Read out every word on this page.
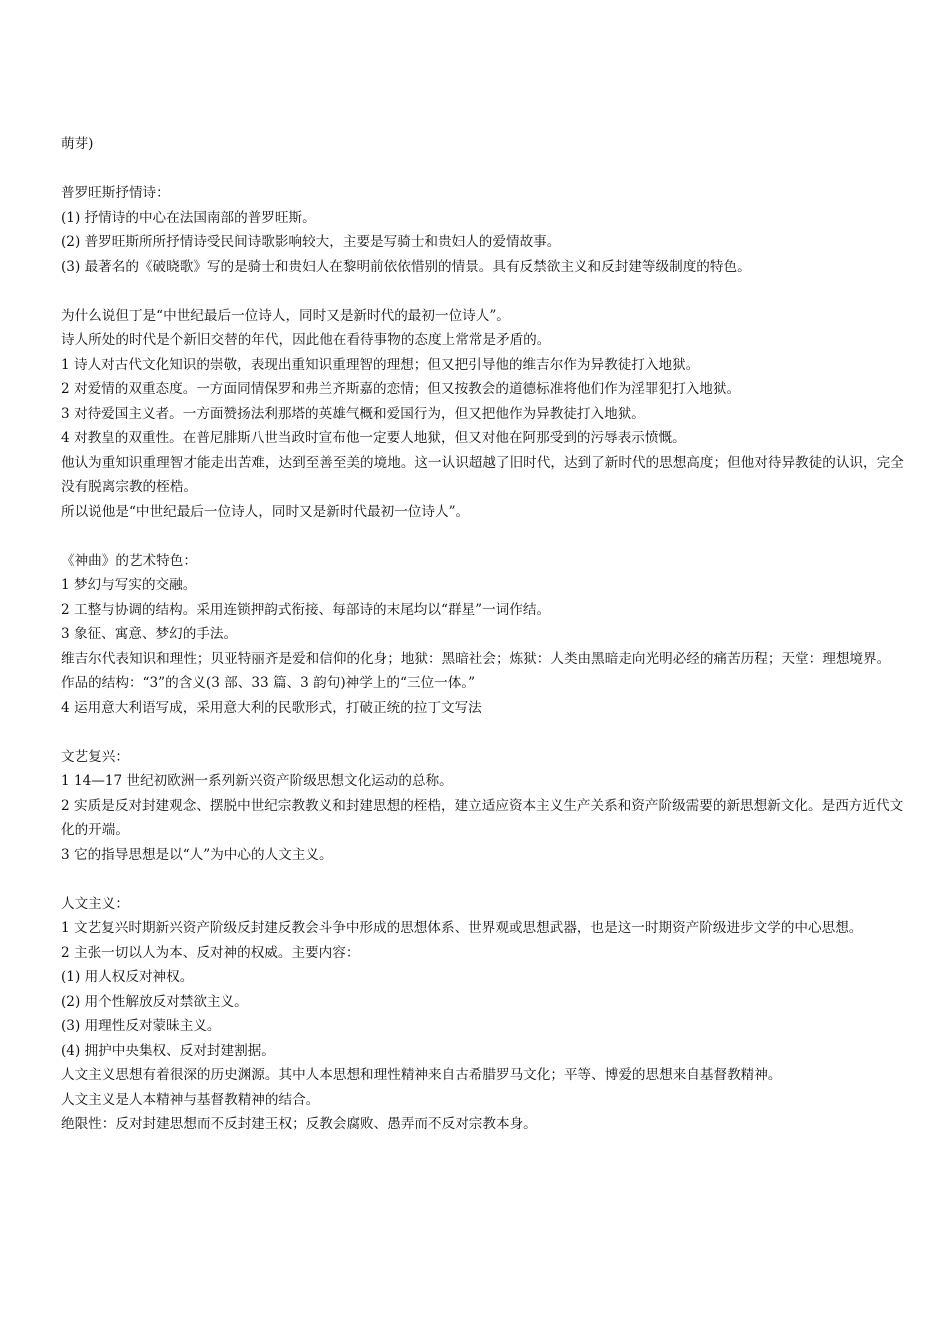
萌芽)
普罗旺斯抒情诗：
(1) 抒情诗的中心在法国南部的普罗旺斯。
(2) 普罗旺斯所所抒情诗受民间诗歌影响较大，主要是写骑士和贵妇人的爱情故事。
(3) 最著名的《破晓歌》写的是骑士和贵妇人在黎明前依依惜别的情景。具有反禁欲主义和反封建等级制度的特色。
为什么说但丁是“中世纪最后一位诗人，同时又是新时代的最初一位诗人”。
诗人所处的时代是个新旧交替的年代，因此他在看待事物的态度上常常是矛盾的。
1 诗人对古代文化知识的崇敬，表现出重知识重理智的理想；但又把引导他的维吉尔作为异教徒打入地狱。
2 对爱情的双重态度。一方面同情保罗和弗兰齐斯嘉的恋情；但又按教会的道德标准将他们作为淫罪犯打入地狱。
3 对待爱国主义者。一方面赞扬法利那塔的英雄气概和爱国行为，但又把他作为异教徒打入地狱。
4 对教皇的双重性。在普尼腓斯八世当政时宣布他一定要人地狱，但又对他在阿那受到的污辱表示愤慨。
他认为重知识重理智才能走出苦难，达到至善至美的境地。这一认识超越了旧时代，达到了新时代的思想高度；但他对待异教徒的认识，完全没有脱离宗教的桎梏。
所以说他是“中世纪最后一位诗人，同时又是新时代最初一位诗人”。
《神曲》的艺术特色：
1 梦幻与写实的交融。
2 工整与协调的结构。采用连锁押韵式衔接、每部诗的末尾均以“群星”一词作结。
3 象征、寓意、梦幻的手法。
维吉尔代表知识和理性；贝亚特丽齐是爱和信仰的化身；地狱：黑暗社会；炼狱：人类由黑暗走向光明必经的痛苦历程；天堂：理想境界。
作品的结构：“3”的含义(3 部、33 篇、3 韵句)神学上的“三位一体。”
4 运用意大利语写成，采用意大利的民歌形式，打破正统的拉丁文写法
文艺复兴：
1 14—17 世纪初欧洲一系列新兴资产阶级思想文化运动的总称。
2 实质是反对封建观念、摆脱中世纪宗教教义和封建思想的桎梏，建立适应资本主义生产关系和资产阶级需要的新思想新文化。是西方近代文化的开端。
3 它的指导思想是以“人”为中心的人文主义。
人文主义：
1 文艺复兴时期新兴资产阶级反封建反教会斗争中形成的思想体系、世界观或思想武器，也是这一时期资产阶级进步文学的中心思想。
2 主张一切以人为本、反对神的权威。主要内容：
(1) 用人权反对神权。
(2) 用个性解放反对禁欲主义。
(3) 用理性反对蒙昧主义。
(4) 拥护中央集权、反对封建割据。
人文主义思想有着很深的历史渊源。其中人本思想和理性精神来自古希腊罗马文化；平等、博爱的思想来自基督教精神。
人文主义是人本精神与基督教精神的结合。
绝限性：反对封建思想而不反封建王权；反教会腐败、愚弄而不反对宗教本身。
